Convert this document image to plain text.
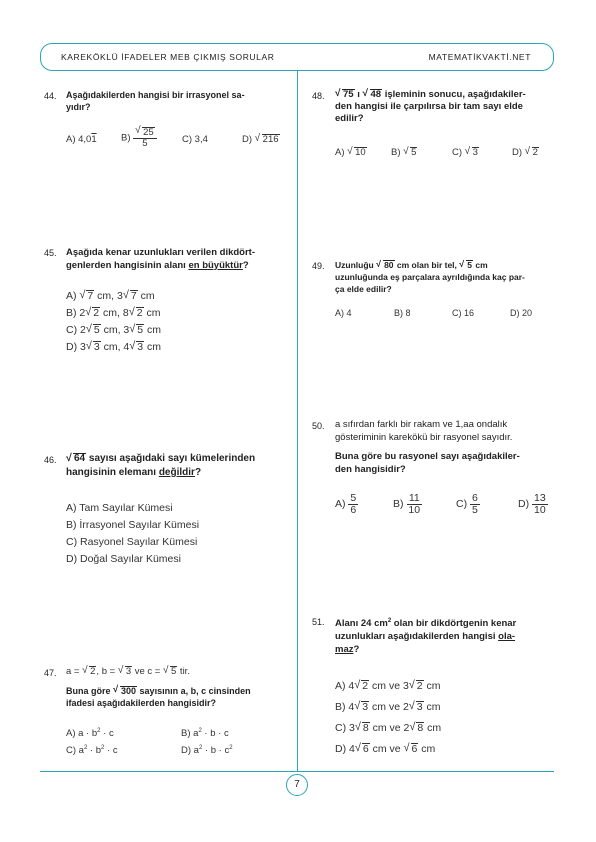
KAREKÖKLÜ İFADELER MEB ÇIKMIŞ SORULAR	MATEMATİKVAKTİ.NET
7
44. Aşağıdakilerden hangisi bir irrasyonel sa-
yıdır?
A) 4,01	B) √ $\frac{25}{5}$	C) 3,4	D) √ 216
45. Aşağıda kenar uzunlukları verilen dikdört-
genlerden hangisinin alanı en büyüktür?
A) √ 7 cm, 3 √ 7 cm
B) 2 √ 2 cm, 8 √ 2 cm
C) 2 √ 5 cm, 3 √ 5 cm
D) 3 √ 3 cm, 4 √ 3 cm
46.	√ 64 sayısı aşağıdaki sayı kümelerinden
hangisinin elemanı değildir?
A) Tam Sayılar Kümesi
B) İrrasyonel Sayılar Kümesi
C) Rasyonel Sayılar Kümesi
D) Doğal Sayılar Kümesi
47. a = √ 2, b = √ 3 ve c = √ 5 tir.
Buna göre √ 300 sayısının a, b, c cinsinden
ifadesi aşağıdakilerden hangisidir?
A) $a \cdot b^2 \cdot c$	B) $a^2 \cdot b \cdot c$
C) $a^2 \cdot b^2 \cdot c$	D) $a^2 \cdot b \cdot c^2$
48.	√ 75 ı √ 48 işleminin sonucu, aşağıdakiler-
den hangisi ile çarpılırsa bir tam sayı elde
edilir?
A) √ 10	B) √ 5	C) √ 3	D) √ 2
49. Uzunluğu √ 80 cm olan bir tel, √ 5 cm
uzunluğunda eş parçalara ayrıldığında kaç par-
ça elde edilir?
A) 4	B) 8	C) 16	D) 20
50. a sıfırdan farklı bir rakam ve 1,aa ondalık
gösteriminin karekökü bir rasyonel sayıdır.
Buna göre bu rasyonel sayı aşağıdakiler-
den hangisidir?
$A) \frac{5}{6}$	$B) \frac{11}{10}$	$C) \frac{6}{5}$	$D) \frac{13}{10}$
51. Alanı 24 $cm^2$ olan bir dikdörtgenin kenar
uzunlukları aşağıdakilerden hangisi ola-
maz?
A) 4 √ 2 cm ve 3 √ 2 cm
B) 4 √ 3 cm ve 2 √ 3 cm
C) 3 √ 8 cm ve 2 √ 8 cm
D) 4 √ 6 cm ve √ 6 cm
